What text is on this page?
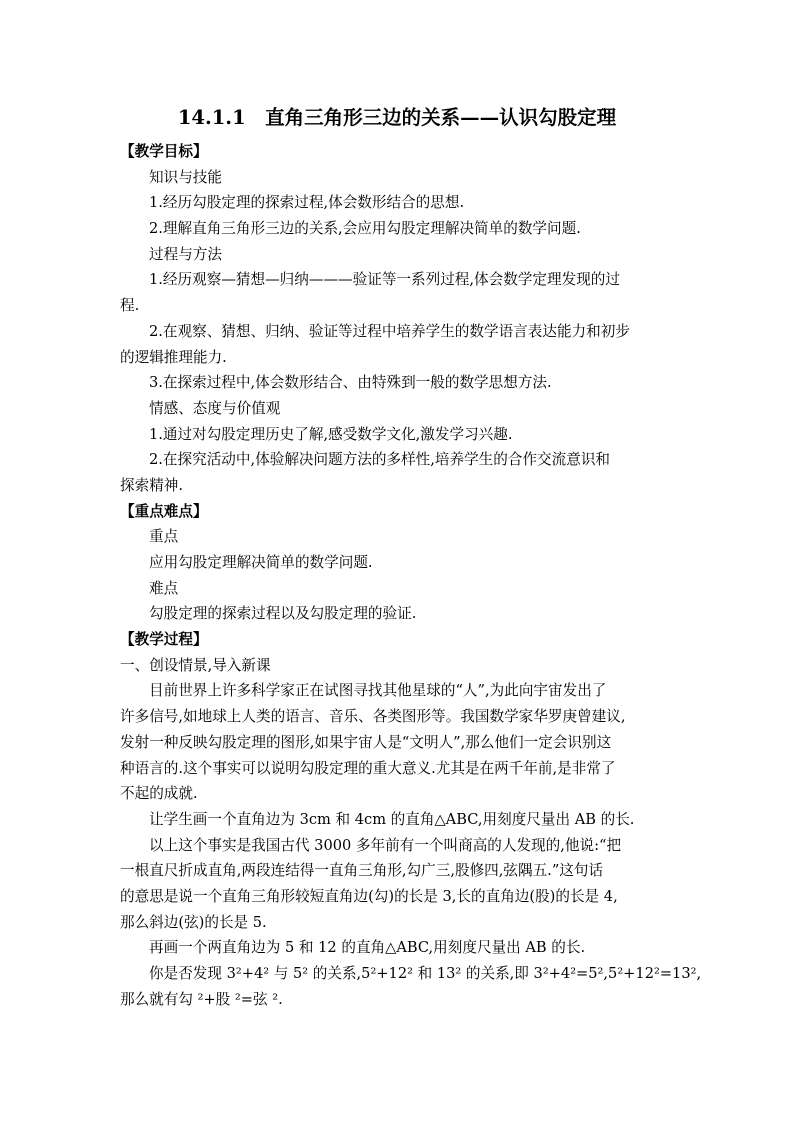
14.1.1　直角三角形三边的关系——认识勾股定理
【教学目标】
知识与技能
1.经历勾股定理的探索过程,体会数形结合的思想.
2.理解直角三角形三边的关系,会应用勾股定理解决简单的数学问题.
过程与方法
1.经历观察—猜想—归纳———验证等一系列过程,体会数学定理发现的过
程.
2.在观察、猜想、归纳、验证等过程中培养学生的数学语言表达能力和初步
的逻辑推理能力.
3.在探索过程中,体会数形结合、由特殊到一般的数学思想方法.
情感、态度与价值观
1.通过对勾股定理历史了解,感受数学文化,激发学习兴趣.
2.在探究活动中,体验解决问题方法的多样性,培养学生的合作交流意识和
探索精神.
【重点难点】
重点
应用勾股定理解决简单的数学问题.
难点
勾股定理的探索过程以及勾股定理的验证.
【教学过程】
一、创设情景,导入新课
目前世界上许多科学家正在试图寻找其他星球的“人”,为此向宇宙发出了
许多信号,如地球上人类的语言、音乐、各类图形等。我国数学家华罗庚曾建议,
发射一种反映勾股定理的图形,如果宇宙人是“文明人”,那么他们一定会识别这
种语言的.这个事实可以说明勾股定理的重大意义.尤其是在两千年前,是非常了
不起的成就.
让学生画一个直角边为 3cm 和 4cm 的直角△ABC,用刻度尺量出 AB 的长.
以上这个事实是我国古代 3000 多年前有一个叫商高的人发现的,他说:“把
一根直尺折成直角,两段连结得一直角三角形,勾广三,股修四,弦隅五.”这句话
的意思是说一个直角三角形较短直角边(勾)的长是 3,长的直角边(股)的长是 4,
那么斜边(弦)的长是 5.
再画一个两直角边为 5 和 12 的直角△ABC,用刻度尺量出 AB 的长.
你是否发现 3²+4² 与 5² 的关系,5²+12² 和 13² 的关系,即 3²+4²=5²,5²+12²=13²,
那么就有勾 ²+股 ²=弦 ².
